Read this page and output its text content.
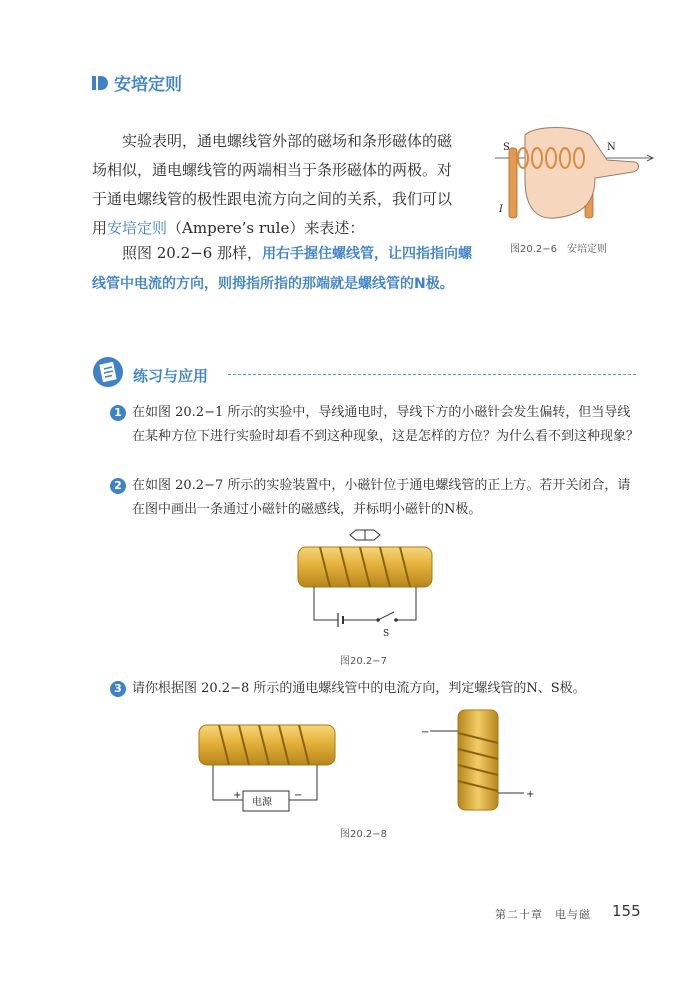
安培定则

实验表明，通电螺线管外部的磁场和条形磁体的磁

场相似，通电螺线管的两端相当于条形磁体的两极。对

于通电螺线管的极性跟电流方向之间的关系，我们可以

用安培定则（Ampere’s rule）来表述：

照图 20.2−6 那样，用右手握住螺线管，让四指指向螺线管中电流的方向，则拇指所指的那端就是螺线管的N极。

S	N
I
图20.2−6　安培定则
练习与应用
1 在如图 20.2−1 所示的实验中，导线通电时，导线下方的小磁针会发生偏转，但当导线在某种方位下进行实验时却看不到这种现象，这是怎样的方位？为什么看不到这种现象？
2 在如图 20.2−7 所示的实验装置中，小磁针位于通电螺线管的正上方。若开关闭合，请在图中画出一条通过小磁针的磁感线，并标明小磁针的N极。
S
图20.2−7
3 请你根据图 20.2−8 所示的通电螺线管中的电流方向，判定螺线管的N、S极。
+	−
电源
−
+
图20.2−8
第二十章　电与磁 155
